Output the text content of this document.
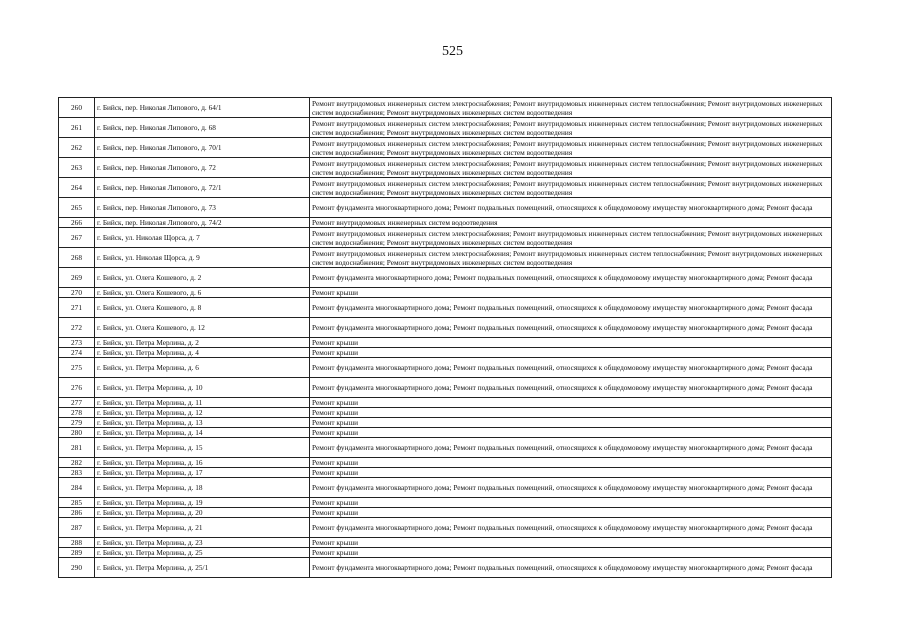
525
260	г. Бийск, пер. Николая Липового, д. 64/1	Ремонт внутридомовых инженерных систем электроснабжения; Ремонт внутридомовых инженерных систем теплоснабжения; Ремонт внутридомовых инженерных систем водоснабжения; Ремонт внутридомовых инженерных систем водоотведения
261	г. Бийск, пер. Николая Липового, д. 68	Ремонт внутридомовых инженерных систем электроснабжения; Ремонт внутридомовых инженерных систем теплоснабжения; Ремонт внутридомовых инженерных систем водоснабжения; Ремонт внутридомовых инженерных систем водоотведения
262	г. Бийск, пер. Николая Липового, д. 70/1	Ремонт внутридомовых инженерных систем электроснабжения; Ремонт внутридомовых инженерных систем теплоснабжения; Ремонт внутридомовых инженерных систем водоснабжения; Ремонт внутридомовых инженерных систем водоотведения
263	г. Бийск, пер. Николая Липового, д. 72	Ремонт внутридомовых инженерных систем электроснабжения; Ремонт внутридомовых инженерных систем теплоснабжения; Ремонт внутридомовых инженерных систем водоснабжения; Ремонт внутридомовых инженерных систем водоотведения
264	г. Бийск, пер. Николая Липового, д. 72/1	Ремонт внутридомовых инженерных систем электроснабжения; Ремонт внутридомовых инженерных систем теплоснабжения; Ремонт внутридомовых инженерных систем водоснабжения; Ремонт внутридомовых инженерных систем водоотведения
265	г. Бийск, пер. Николая Липового, д. 73	Ремонт фундамента многоквартирного дома; Ремонт подвальных помещений, относящихся к общедомовому имуществу многоквартирного дома; Ремонт фасада
266	г. Бийск, пер. Николая Липового, д. 74/2	Ремонт внутридомовых инженерных систем водоотведения
267	г. Бийск, ул. Николая Щорса, д. 7	Ремонт внутридомовых инженерных систем электроснабжения; Ремонт внутридомовых инженерных систем теплоснабжения; Ремонт внутридомовых инженерных систем водоснабжения; Ремонт внутридомовых инженерных систем водоотведения
268	г. Бийск, ул. Николая Щорса, д. 9	Ремонт внутридомовых инженерных систем электроснабжения; Ремонт внутридомовых инженерных систем теплоснабжения; Ремонт внутридомовых инженерных систем водоснабжения; Ремонт внутридомовых инженерных систем водоотведения
269	г. Бийск, ул. Олега Кошевого, д. 2	Ремонт фундамента многоквартирного дома; Ремонт подвальных помещений, относящихся к общедомовому имуществу многоквартирного дома; Ремонт фасада
270	г. Бийск, ул. Олега Кошевого, д. 6	Ремонт крыши
271	г. Бийск, ул. Олега Кошевого, д. 8	Ремонт фундамента многоквартирного дома; Ремонт подвальных помещений, относящихся к общедомовому имуществу многоквартирного дома; Ремонт фасада
272	г. Бийск, ул. Олега Кошевого, д. 12	Ремонт фундамента многоквартирного дома; Ремонт подвальных помещений, относящихся к общедомовому имуществу многоквартирного дома; Ремонт фасада
273	г. Бийск, ул. Петра Мерлина, д. 2	Ремонт крыши
274	г. Бийск, ул. Петра Мерлина, д. 4	Ремонт крыши
275	г. Бийск, ул. Петра Мерлина, д. 6	Ремонт фундамента многоквартирного дома; Ремонт подвальных помещений, относящихся к общедомовому имуществу многоквартирного дома; Ремонт фасада
276	г. Бийск, ул. Петра Мерлина, д. 10	Ремонт фундамента многоквартирного дома; Ремонт подвальных помещений, относящихся к общедомовому имуществу многоквартирного дома; Ремонт фасада
277	г. Бийск, ул. Петра Мерлина, д. 11	Ремонт крыши
278	г. Бийск, ул. Петра Мерлина, д. 12	Ремонт крыши
279	г. Бийск, ул. Петра Мерлина, д. 13	Ремонт крыши
280	г. Бийск, ул. Петра Мерлина, д. 14	Ремонт крыши
281	г. Бийск, ул. Петра Мерлина, д. 15	Ремонт фундамента многоквартирного дома; Ремонт подвальных помещений, относящихся к общедомовому имуществу многоквартирного дома; Ремонт фасада
282	г. Бийск, ул. Петра Мерлина, д. 16	Ремонт крыши
283	г. Бийск, ул. Петра Мерлина, д. 17	Ремонт крыши
284	г. Бийск, ул. Петра Мерлина, д. 18	Ремонт фундамента многоквартирного дома; Ремонт подвальных помещений, относящихся к общедомовому имуществу многоквартирного дома; Ремонт фасада
285	г. Бийск, ул. Петра Мерлина, д. 19	Ремонт крыши
286	г. Бийск, ул. Петра Мерлина, д. 20	Ремонт крыши
287	г. Бийск, ул. Петра Мерлина, д. 21	Ремонт фундамента многоквартирного дома; Ремонт подвальных помещений, относящихся к общедомовому имуществу многоквартирного дома; Ремонт фасада
288	г. Бийск, ул. Петра Мерлина, д. 23	Ремонт крыши
289	г. Бийск, ул. Петра Мерлина, д. 25	Ремонт крыши
290	г. Бийск, ул. Петра Мерлина, д. 25/1	Ремонт фундамента многоквартирного дома; Ремонт подвальных помещений, относящихся к общедомовому имуществу многоквартирного дома; Ремонт фасада
